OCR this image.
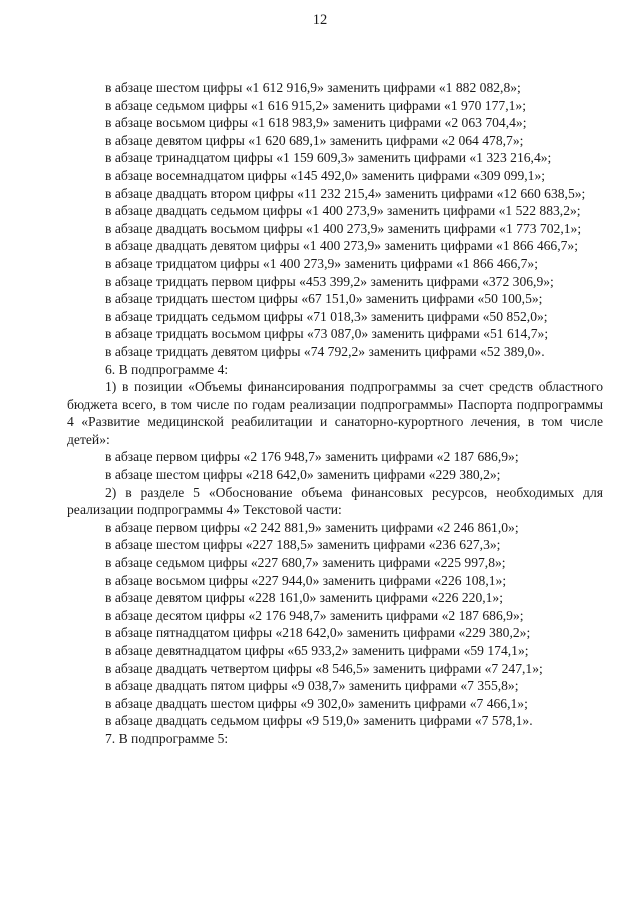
12

в абзаце шестом цифры «1 612 916,9» заменить цифрами «1 882 082,8»;

в абзаце седьмом цифры «1 616 915,2» заменить цифрами «1 970 177,1»;

в абзаце восьмом цифры «1 618 983,9» заменить цифрами «2 063 704,4»;

в абзаце девятом цифры «1 620 689,1» заменить цифрами «2 064 478,7»;

в абзаце тринадцатом цифры «1 159 609,3» заменить цифрами «1 323 216,4»;

в абзаце восемнадцатом цифры «145 492,0» заменить цифрами «309 099,1»;

в абзаце двадцать втором цифры «11 232 215,4» заменить цифрами «12 660 638,5»;

в абзаце двадцать седьмом цифры «1 400 273,9» заменить цифрами «1 522 883,2»;

в абзаце двадцать восьмом цифры «1 400 273,9» заменить цифрами «1 773 702,1»;

в абзаце двадцать девятом цифры «1 400 273,9» заменить цифрами «1 866 466,7»;

в абзаце тридцатом цифры «1 400 273,9» заменить цифрами «1 866 466,7»;

в абзаце тридцать первом цифры «453 399,2» заменить цифрами «372 306,9»;

в абзаце тридцать шестом цифры «67 151,0» заменить цифрами «50 100,5»;

в абзаце тридцать седьмом цифры «71 018,3» заменить цифрами «50 852,0»;

в абзаце тридцать восьмом цифры «73 087,0» заменить цифрами «51 614,7»;

в абзаце тридцать девятом цифры «74 792,2» заменить цифрами «52 389,0».

6. В подпрограмме 4:

1) в позиции «Объемы финансирования подпрограммы за счет средств областного бюджета всего, в том числе по годам реализации подпрограммы» Паспорта подпрограммы 4 «Развитие медицинской реабилитации и санаторно-курортного лечения, в том числе детей»:

в абзаце первом цифры «2 176 948,7» заменить цифрами «2 187 686,9»;

в абзаце шестом цифры «218 642,0» заменить цифрами «229 380,2»;

2) в разделе 5 «Обоснование объема финансовых ресурсов, необходимых для реализации подпрограммы 4» Текстовой части:

в абзаце первом цифры «2 242 881,9» заменить цифрами «2 246 861,0»;

в абзаце шестом цифры «227 188,5» заменить цифрами «236 627,3»;

в абзаце седьмом цифры «227 680,7» заменить цифрами «225 997,8»;

в абзаце восьмом цифры «227 944,0» заменить цифрами «226 108,1»;

в абзаце девятом цифры «228 161,0» заменить цифрами «226 220,1»;

в абзаце десятом цифры «2 176 948,7» заменить цифрами «2 187 686,9»;

в абзаце пятнадцатом цифры «218 642,0» заменить цифрами «229 380,2»;

в абзаце девятнадцатом цифры «65 933,2» заменить цифрами «59 174,1»;

в абзаце двадцать четвертом цифры «8 546,5» заменить цифрами «7 247,1»;

в абзаце двадцать пятом цифры «9 038,7» заменить цифрами «7 355,8»;

в абзаце двадцать шестом цифры «9 302,0» заменить цифрами «7 466,1»;

в абзаце двадцать седьмом цифры «9 519,0» заменить цифрами «7 578,1».

7. В подпрограмме 5:
